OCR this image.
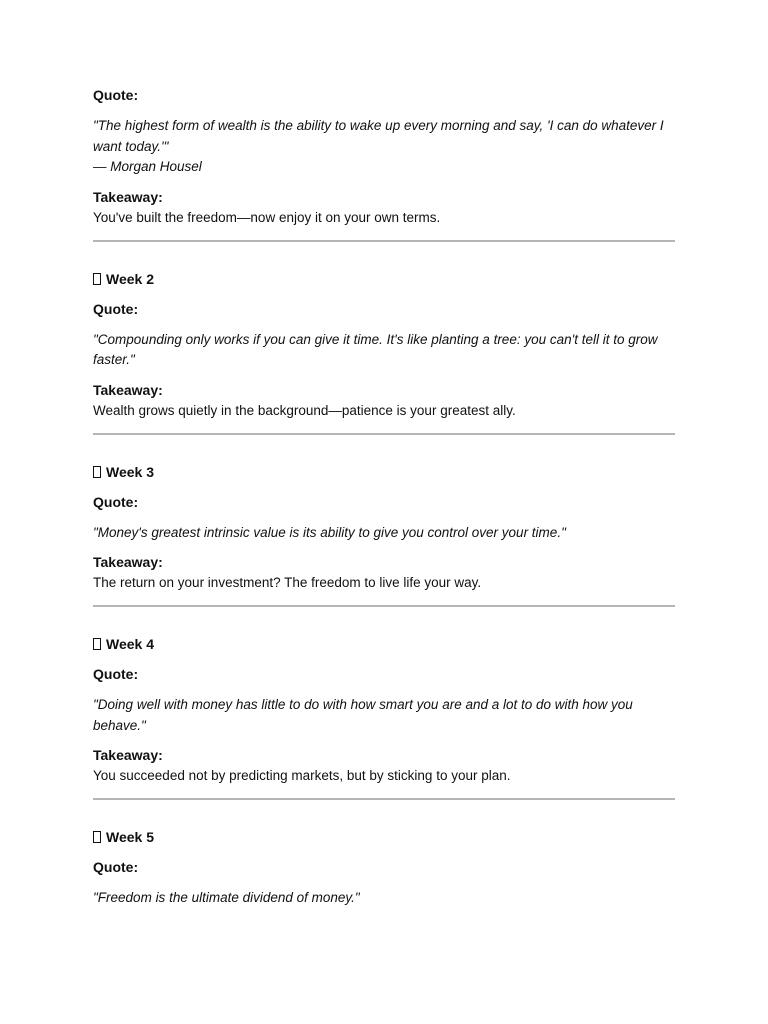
Quote:
"The highest form of wealth is the ability to wake up every morning and say, 'I can do whatever I want today.'"
— Morgan Housel
Takeaway:
You've built the freedom—now enjoy it on your own terms.
Week 2
Quote:
"Compounding only works if you can give it time. It's like planting a tree: you can't tell it to grow faster."
Takeaway:
Wealth grows quietly in the background—patience is your greatest ally.
Week 3
Quote:
"Money's greatest intrinsic value is its ability to give you control over your time."
Takeaway:
The return on your investment? The freedom to live life your way.
Week 4
Quote:
"Doing well with money has little to do with how smart you are and a lot to do with how you behave."
Takeaway:
You succeeded not by predicting markets, but by sticking to your plan.
Week 5
Quote:
"Freedom is the ultimate dividend of money."
